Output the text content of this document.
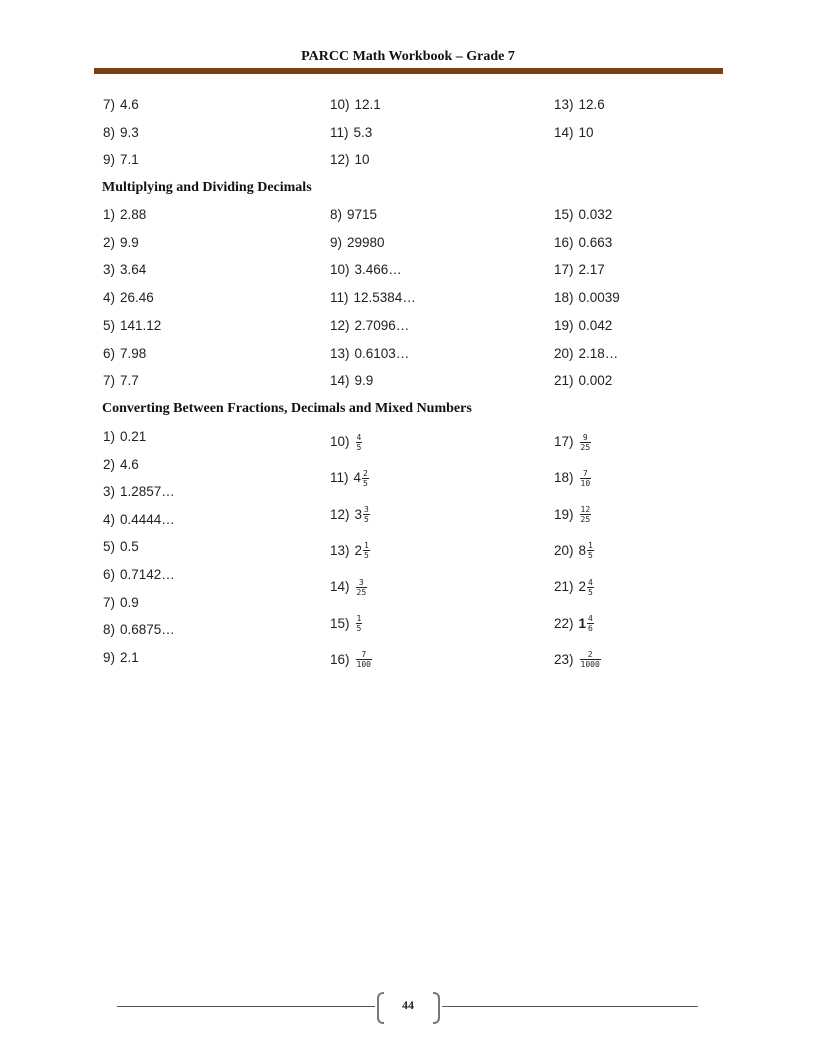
PARCC Math Workbook – Grade 7
7) 4.6
8) 9.3
9) 7.1
10) 12.1
11) 5.3
12) 10
13) 12.6
14) 10
Multiplying and Dividing Decimals
1) 2.88
2) 9.9
3) 3.64
4) 26.46
5) 141.12
6) 7.98
7) 7.7
8) 9715
9) 29980
10) 3.466…
11) 12.5384…
12) 2.7096…
13) 0.6103…
14) 9.9
15) 0.032
16) 0.663
17) 2.17
18) 0.0039
19) 0.042
20) 2.18…
21) 0.002
Converting Between Fractions, Decimals and Mixed Numbers
1) 0.21
2) 4.6
3) 1.2857…
4) 0.4444…
5) 0.5
6) 0.7142…
7) 0.9
8) 0.6875…
9) 2.1
$10) \frac{4}{5}$
11) $4 \frac{2}{5}$
12) $3 \frac{3}{5}$
13) $2 \frac{1}{5}$
$14) \frac{3}{25}$
$15) \frac{1}{5}$
$16) \frac{7}{100}$
$17) \frac{9}{25}$
$18) \frac{7}{10}$
$19) \frac{12}{25}$
20) $8 \frac{1}{5}$
21) $2 \frac{4}{5}$
22) $1 \frac{4}{6}$
$23) \frac{2}{1000}$
44
